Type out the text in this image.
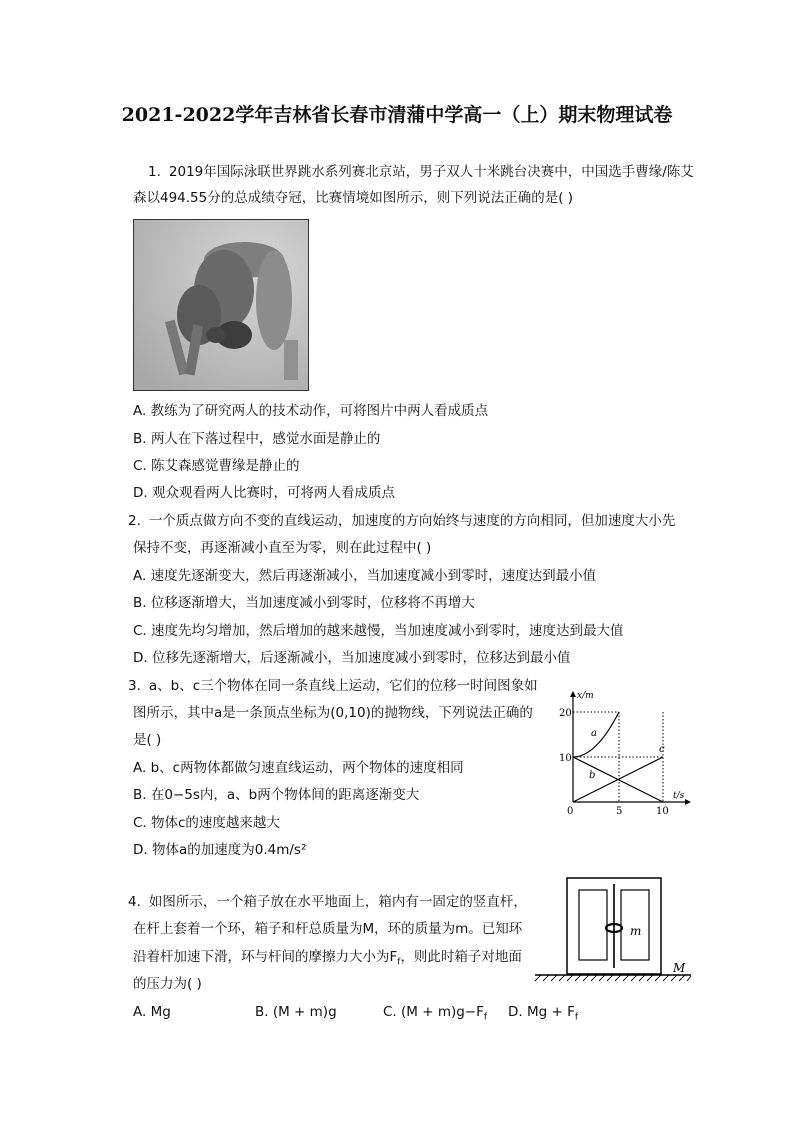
2021-2022学年吉林省长春市清蒲中学高一（上）期末物理试卷
1. 2019年国际泳联世界跳水系列赛北京站，男子双人十米跳台决赛中，中国选手曹缘/陈艾
森以494.55分的总成绩夺冠，比赛情境如图所示，则下列说法正确的是( )
A. 教练为了研究两人的技术动作，可将图片中两人看成质点
B. 两人在下落过程中，感觉水面是静止的
C. 陈艾森感觉曹缘是静止的
D. 观众观看两人比赛时，可将两人看成质点
2. 一个质点做方向不变的直线运动，加速度的方向始终与速度的方向相同，但加速度大小先
保持不变，再逐渐减小直至为零，则在此过程中( )
A. 速度先逐渐变大，然后再逐渐减小，当加速度减小到零时，速度达到最小值
B. 位移逐渐增大，当加速度减小到零时，位移将不再增大
C. 速度先均匀增加，然后增加的越来越慢，当加速度减小到零时，速度达到最大值
D. 位移先逐渐增大，后逐渐减小，当加速度减小到零时，位移达到最小值
3. a、b、c三个物体在同一条直线上运动，它们的位移一时间图象如
图所示，其中a是一条顶点坐标为(0,10)的抛物线，下列说法正确的
是( )
A. b、c两物体都做匀速直线运动，两个物体的速度相同
B. 在0−5s内，a、b两个物体间的距离逐渐变大
C. 物体c的速度越来越大
D. 物体a的加速度为0.4m/s²
x/m
t/s
20
10
0	5	10
a
b
c
4. 如图所示，一个箱子放在水平地面上，箱内有一固定的竖直杆，
在杆上套着一个环，箱子和杆总质量为M，环的质量为m。已知环
沿着杆加速下滑，环与杆间的摩擦力大小为$F_f$，则此时箱子对地面
的压力为( )
A. Mg	B. (M + m)g	C. $(M + m)g-F_f$ D. $Mg + F_f$
m
M
